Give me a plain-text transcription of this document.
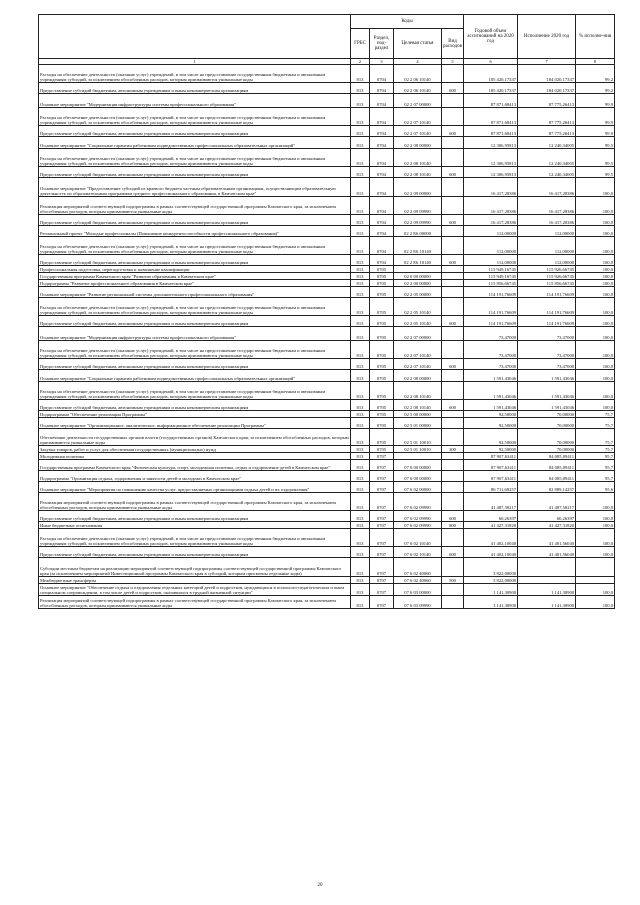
	Коды				Годовой объем ассигнований на 2020 год	Исполнение 2020 год	% исполне-ния
	ГРБС	Раздел, под-раздел	Целевая статья	Вид расходов			
1	2	3	4	5	6	7	8
Расходы на обеспечение деятельности (оказание услуг) учреждений, в том числе на предоставление государственным бюджетным и автономным учреждениям субсидий, за исключением обособленных расходов, которым присваиваются уникальные коды	813	0704	02 2 06 10140		185 420,17337	184 020,17337	99,2
Предоставление субсидий бюджетным, автономным учреждениям и иным некоммерческим организациям	813	0704	02 2 06 10140	600	185 420,17337	184 020,17337	99,2
Основное мероприятие "Модернизация инфраструктуры системы профессионального образования"	813	0704	02 2 07 00000		87 871,68413	87 775,26413	99,9
Расходы на обеспечение деятельности (оказание услуг) учреждений, в том числе на предоставление государственным бюджетным и автономным учреждениям субсидий, за исключением обособленных расходов, которым присваиваются уникальные коды	813	0704	02 2 07 10140		87 871,68413	87 775,26413	99,9
Предоставление субсидий бюджетным, автономным учреждениям и иным некоммерческим организациям	813	0704	02 2 07 10140	600	87 871,68413	87 775,26413	99,9
Основное мероприятие "Социальные гарантии работникам подведомственных профессиональных образовательных организаций"	813	0704	02 2 08 00000		12 306,95813	12 240,34005	99,5
Расходы на обеспечение деятельности (оказание услуг) учреждений, в том числе на предоставление государственным бюджетным и автономным учреждениям субсидий, за исключением обособленных расходов, которым присваиваются уникальные коды	813	0704	02 2 08 10140		12 306,95813	12 240,34005	99,5
Предоставление субсидий бюджетным, автономным учреждениям и иным некоммерческим организациям	813	0704	02 2 08 10140	600	12 306,95813	12 240,34005	99,5
Основное мероприятие "Предоставление субсидий из краевого бюджета частным образовательным организациям, осуществляющим образовательную деятельность по образовательным программам среднего профессионального образования, в Камчатском крае"	813	0704	02 2 09 00000		16 417,28386	16 417,28386	100,0
Реализация мероприятий соответствующей подпрограммы в рамках соответствующей государственной программы Камчатского края, за исключением обособленных расходов, которым присваиваются уникальные коды	813	0704	02 2 09 09990		16 417,28386	16 417,28386	100,0
Предоставление субсидий бюджетным, автономным учреждениям и иным некоммерческим организациям	813	0704	02 2 09 09990	600	16 417,28386	16 417,28386	100,0
Региональный проект "Молодые профессионалы (Повышение конкурентоспособности профессионального образования)"	813	0704	02 2 E6 00000		112,00000	112,00000	100,0
Расходы на обеспечение деятельности (оказание услуг) учреждений, в том числе на предоставление государственным бюджетным и автономным учреждениям субсидий, за исключением обособленных расходов, которым присваиваются уникальные коды	813	0704	02 2 E6 10140		112,00000	112,00000	100,0
Предоставление субсидий бюджетным, автономным учреждениям и иным некоммерческим организациям	813	0704	02 2 E6 10140	600	112,00000	112,00000	100,0
Профессиональная подготовка, переподготовка и повышение квалификации	813	0705			115 949,16745	115 926,66745	100,0
Государственная программа Камчатского края "Развитие образования в Камчатском крае"	813	0705	02 0 00 00000		115 949,16745	115 926,66745	100,0
Подпрограмма "Развитие профессионального образования в Камчатском крае"	813	0705	02 2 00 00000		115 856,66745	115 856,66745	100,0
Основное мероприятие "Развитие региональной системы дополнительного профессионального образования"	813	0705	02 2 05 00000		114 191,76609	114 191,76609	100,0
Расходы на обеспечение деятельности (оказание услуг) учреждений, в том числе на предоставление государственным бюджетным и автономным учреждениям субсидий, за исключением обособленных расходов, которым присваиваются уникальные коды	813	0705	02 2 05 10140		114 191,76609	114 191,76609	100,0
Предоставление субсидий бюджетным, автономным учреждениям и иным некоммерческим организациям	813	0705	02 2 05 10140	600	114 191,76609	114 191,76609	100,0
Основное мероприятие "Модернизация инфраструктуры системы профессионального образования"	813	0705	02 2 07 00000		73,47000	73,47000	100,0
Расходы на обеспечение деятельности (оказание услуг) учреждений, в том числе на предоставление государственным бюджетным и автономным учреждениям субсидий, за исключением обособленных расходов, которым присваиваются уникальные коды	813	0705	02 2 07 10140		73,47000	73,47000	100,0
Предоставление субсидий бюджетным, автономным учреждениям и иным некоммерческим организациям	813	0705	02 2 07 10140	600	73,47000	73,47000	100,0
Основное мероприятие "Социальные гарантии работникам подведомственных профессиональных образовательных организаций"	813	0705	02 2 08 00000		1 591,43046	1 591,43046	100,0
Расходы на обеспечение деятельности (оказание услуг) учреждений, в том числе на предоставление государственным бюджетным и автономным учреждениям субсидий, за исключением обособленных расходов, которым присваиваются уникальные коды	813	0705	02 2 08 10140		1 591,43046	1 591,43046	100,0
Предоставление субсидий бюджетным, автономным учреждениям и иным некоммерческим организациям	813	0705	02 2 08 10140	600	1 591,43046	1 591,43046	100,0
Подпрограмма "Обеспечение реализации Программы"	813	0705	02 5 00 00000		92,50000	70,00000	75,7
Основное мероприятие "Организационное, аналитическое, информационное обеспечение реализации Программы"	813	0705	02 5 01 00000		92,50000	70,00000	75,7
Обеспечение деятельности государственных органов власти (государственных органов) Камчатского края, за исключением обособленных расходов, которым присваиваются уникальные коды	813	0705	02 5 01 10010		92,50000	70,00000	75,7
Закупка товаров, работ и услуг для обеспечения государственных (муниципальных) нужд	813	0705	02 5 01 10010	200	92,50000	70,00000	75,7
Молодежная политика	813	0707			87 907,63411	84 085,09411	95,7
Государственная программа Камчатского края "Физическая культура, спорт, молодежная политика, отдых и оздоровление детей в Камчатском крае"	813	0707	07 0 00 00000		87 907,63411	84 085,09411	95,7
Подпрограмма "Организация отдыха, оздоровления и занятости детей и молодежи в Камчатском крае"	813	0707	07 6 00 00000		87 907,63411	84 085,09411	95,7
Основное мероприятие "Мероприятия по повышению качества услуг, предоставляемых организациями отдыха детей и их оздоровления"	813	0707	07 6 02 00000		86 711,68257	82 889,14257	95,6
Реализация мероприятий соответствующей подпрограммы в рамках соответствующей государственной программы Камчатского края, за исключением обособленных расходов, которым присваиваются уникальные коды	813	0707	07 6 02 09990		41 487,58217	41 487,58217	100,0
Предоставление субсидий бюджетным, автономным учреждениям и иным некоммерческим организациям	813	0707	07 6 02 09990	600	60,26397	60,26397	100,0
Иные бюджетные ассигнования	813	0707	07 6 02 09990	800	41 427,31820	41 427,31820	100,0
Расходы на обеспечение деятельности (оказание услуг) учреждений, в том числе на предоставление государственным бюджетным и автономным учреждениям субсидий, за исключением обособленных расходов, которым присваиваются уникальные коды	813	0707	07 6 02 10140		41 402,10040	41 401,56040	100,0
Предоставление субсидий бюджетным, автономным учреждениям и иным некоммерческим организациям	813	0707	07 6 02 10140	600	41 402,10040	41 401,56040	100,0
Субсидии местным бюджетам на реализацию мероприятий соответствующей подпрограммы соответствующей государственной программы Камчатского края (за исключением мероприятий Инвестиционной программы Камчатского края в субсидий, которым присвоены отдельные коды)	813	0707	07 6 02 40060		3 822,00000		
Межбюджетные трансферты	813	0707	07 6 02 40060	500	3 822,00000		
Основное мероприятие "Обеспечение отдыха и оздоровления отдельных категорий детей и подростков, нуждающихся в психолого-педагогическом и ином специальном сопровождении, в том числе детей и подростков, оказавшихся в трудной жизненной ситуации"	813	0707	07 6 03 00000		1 141,30900	1 141,30900	100,0
Реализация мероприятий соответствующей подпрограммы в рамках соответствующей государственной программы Камчатского края, за исключением обособленных расходов, которым присваиваются уникальные коды	813	0707	07 6 03 09990		1 141,30900	1 141,30900	100,0
20
